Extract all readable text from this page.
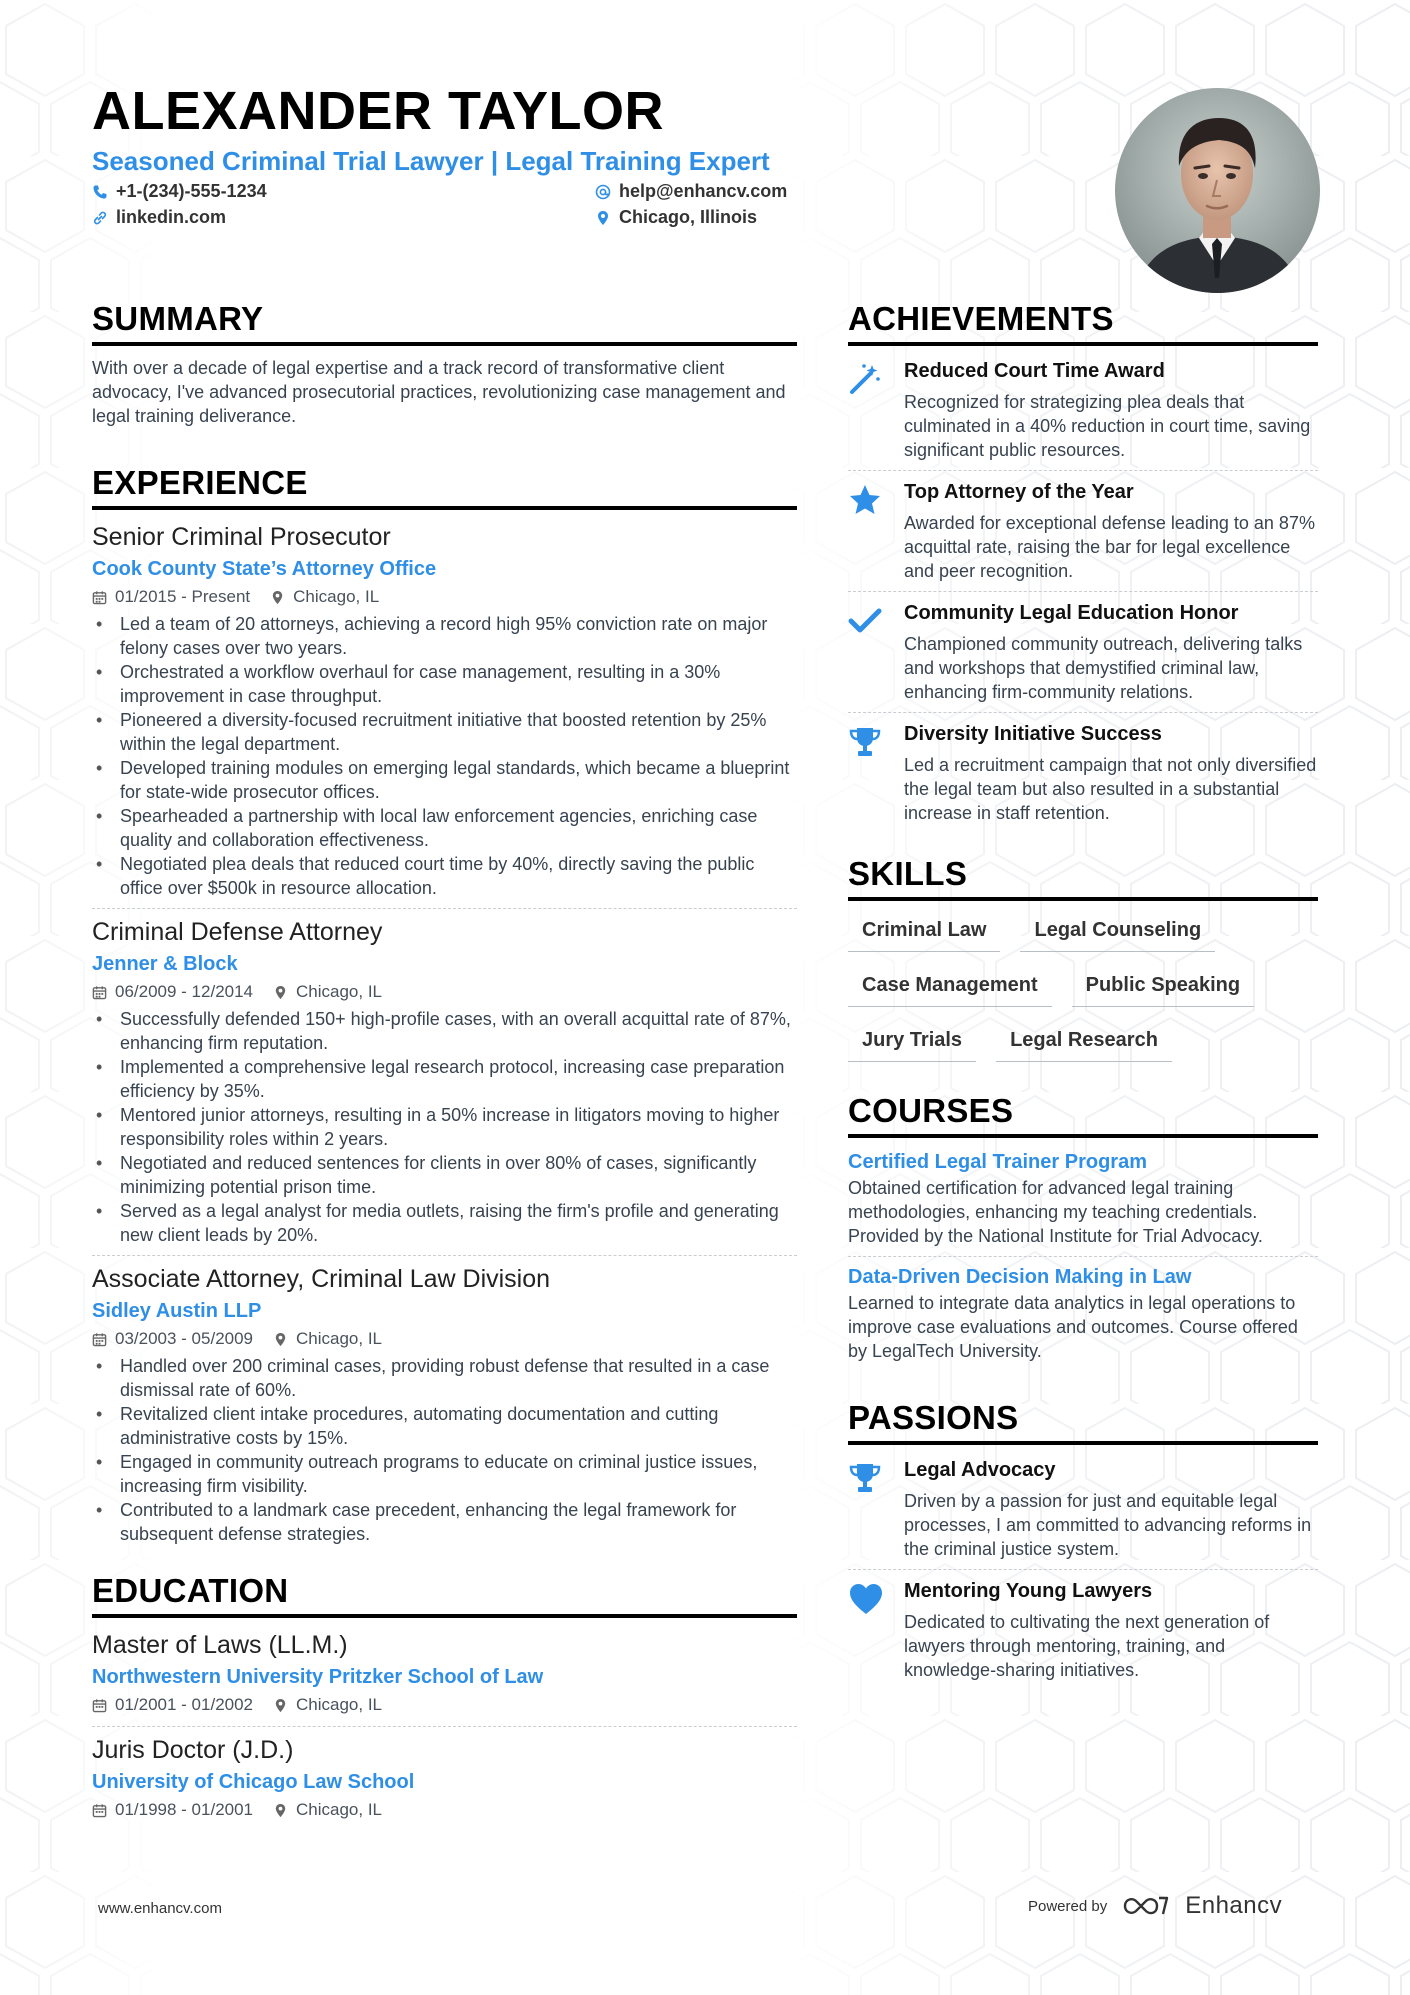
ALEXANDER TAYLOR
Seasoned Criminal Trial Lawyer | Legal Training Expert
+1-(234)-555-1234	help@enhancv.com
linkedin.com	Chicago, Illinois
SUMMARY

With over a decade of legal expertise and a track record of transformative client advocacy, I've advanced prosecutorial practices, revolutionizing case management and legal training deliverance.

EXPERIENCE
Senior Criminal Prosecutor
Cook County State’s Attorney Office
01/2015 - Present	Chicago, IL
• Led a team of 20 attorneys, achieving a record high 95% conviction rate on major felony cases over two years.
• Orchestrated a workflow overhaul for case management, resulting in a 30% improvement in case throughput.
• Pioneered a diversity-focused recruitment initiative that boosted retention by 25% within the legal department.
• Developed training modules on emerging legal standards, which became a blueprint for state-wide prosecutor offices.
• Spearheaded a partnership with local law enforcement agencies, enriching case quality and collaboration effectiveness.
• Negotiated plea deals that reduced court time by 40%, directly saving the public office over $500k in resource allocation.
Criminal Defense Attorney
Jenner & Block
06/2009 - 12/2014	Chicago, IL
• Successfully defended 150+ high-profile cases, with an overall acquittal rate of 87%, enhancing firm reputation.
• Implemented a comprehensive legal research protocol, increasing case preparation efficiency by 35%.
• Mentored junior attorneys, resulting in a 50% increase in litigators moving to higher responsibility roles within 2 years.
• Negotiated and reduced sentences for clients in over 80% of cases, significantly minimizing potential prison time.
• Served as a legal analyst for media outlets, raising the firm's profile and generating new client leads by 20%.
Associate Attorney, Criminal Law Division
Sidley Austin LLP
03/2003 - 05/2009	Chicago, IL
• Handled over 200 criminal cases, providing robust defense that resulted in a case dismissal rate of 60%.
• Revitalized client intake procedures, automating documentation and cutting administrative costs by 15%.
• Engaged in community outreach programs to educate on criminal justice issues, increasing firm visibility.
• Contributed to a landmark case precedent, enhancing the legal framework for subsequent defense strategies.
EDUCATION
Master of Laws (LL.M.)
Northwestern University Pritzker School of Law
01/2001 - 01/2002	Chicago, IL
Juris Doctor (J.D.)
University of Chicago Law School
01/1998 - 01/2001	Chicago, IL
ACHIEVEMENTS
Reduced Court Time Award
Recognized for strategizing plea deals that culminated in a 40% reduction in court time, saving significant public resources.
Top Attorney of the Year
Awarded for exceptional defense leading to an 87% acquittal rate, raising the bar for legal excellence and peer recognition.
Community Legal Education Honor
Championed community outreach, delivering talks and workshops that demystified criminal law, enhancing firm-community relations.
Diversity Initiative Success
Led a recruitment campaign that not only diversified the legal team but also resulted in a substantial increase in staff retention.
SKILLS
Criminal Law	Legal Counseling
Case Management	Public Speaking
Jury Trials	Legal Research
COURSES
Certified Legal Trainer Program
Obtained certification for advanced legal training methodologies, enhancing my teaching credentials. Provided by the National Institute for Trial Advocacy.
Data-Driven Decision Making in Law
Learned to integrate data analytics in legal operations to improve case evaluations and outcomes. Course offered by LegalTech University.
PASSIONS
Legal Advocacy
Driven by a passion for just and equitable legal processes, I am committed to advancing reforms in the criminal justice system.
Mentoring Young Lawyers
Dedicated to cultivating the next generation of lawyers through mentoring, training, and knowledge-sharing initiatives.
www.enhancv.com	Powered by	Enhancv
